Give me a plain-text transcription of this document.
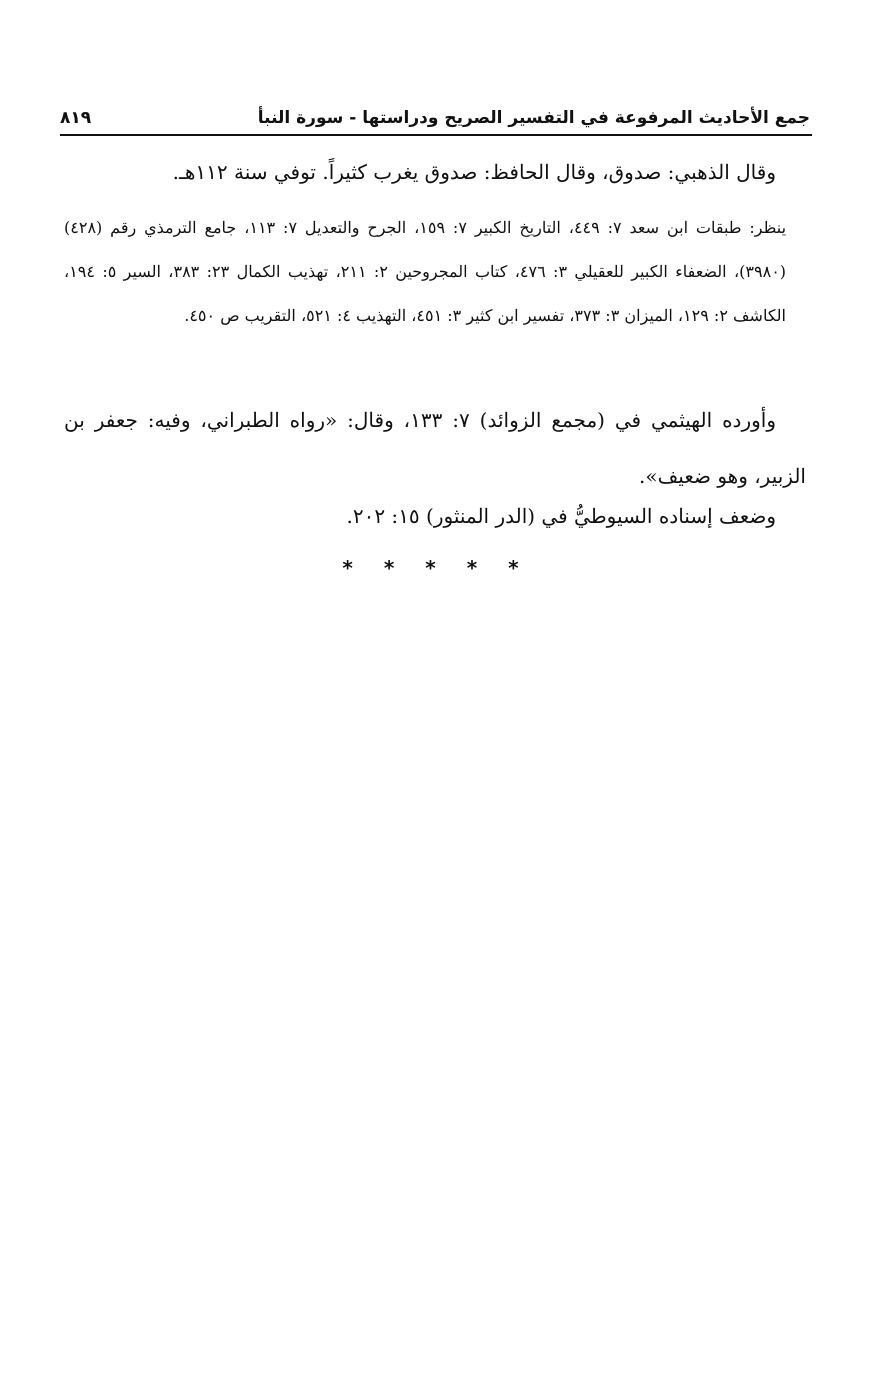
جمع الأحاديث المرفوعة في التفسير الصريح ودراستها - سورة النبأ
٨١٩
وقال الذهبي: صدوق، وقال الحافظ: صدوق يغرب كثيراً. توفي سنة ١١٢هـ.
ينظر: طبقات ابن سعد ٧: ٤٤٩، التاريخ الكبير ٧: ١٥٩، الجرح والتعديل ٧: ١١٣، جامع الترمذي رقم (٤٢٨) (٣٩٨٠)، الضعفاء الكبير للعقيلي ٣: ٤٧٦، كتاب المجروحين ٢: ٢١١، تهذيب الكمال ٢٣: ٣٨٣، السير ٥: ١٩٤، الكاشف ٢: ١٢٩، الميزان ٣: ٣٧٣، تفسير ابن كثير ٣: ٤٥١، التهذيب ٤: ٥٢١، التقريب ص ٤٥٠.
وأورده الهيثمي في (مجمع الزوائد) ٧: ١٣٣، وقال: «رواه الطبراني، وفيه: جعفر بن الزبير، وهو ضعيف».
وضعف إسناده السيوطيُّ في (الدر المنثور) ١٥: ٢٠٢.
* * * * *
